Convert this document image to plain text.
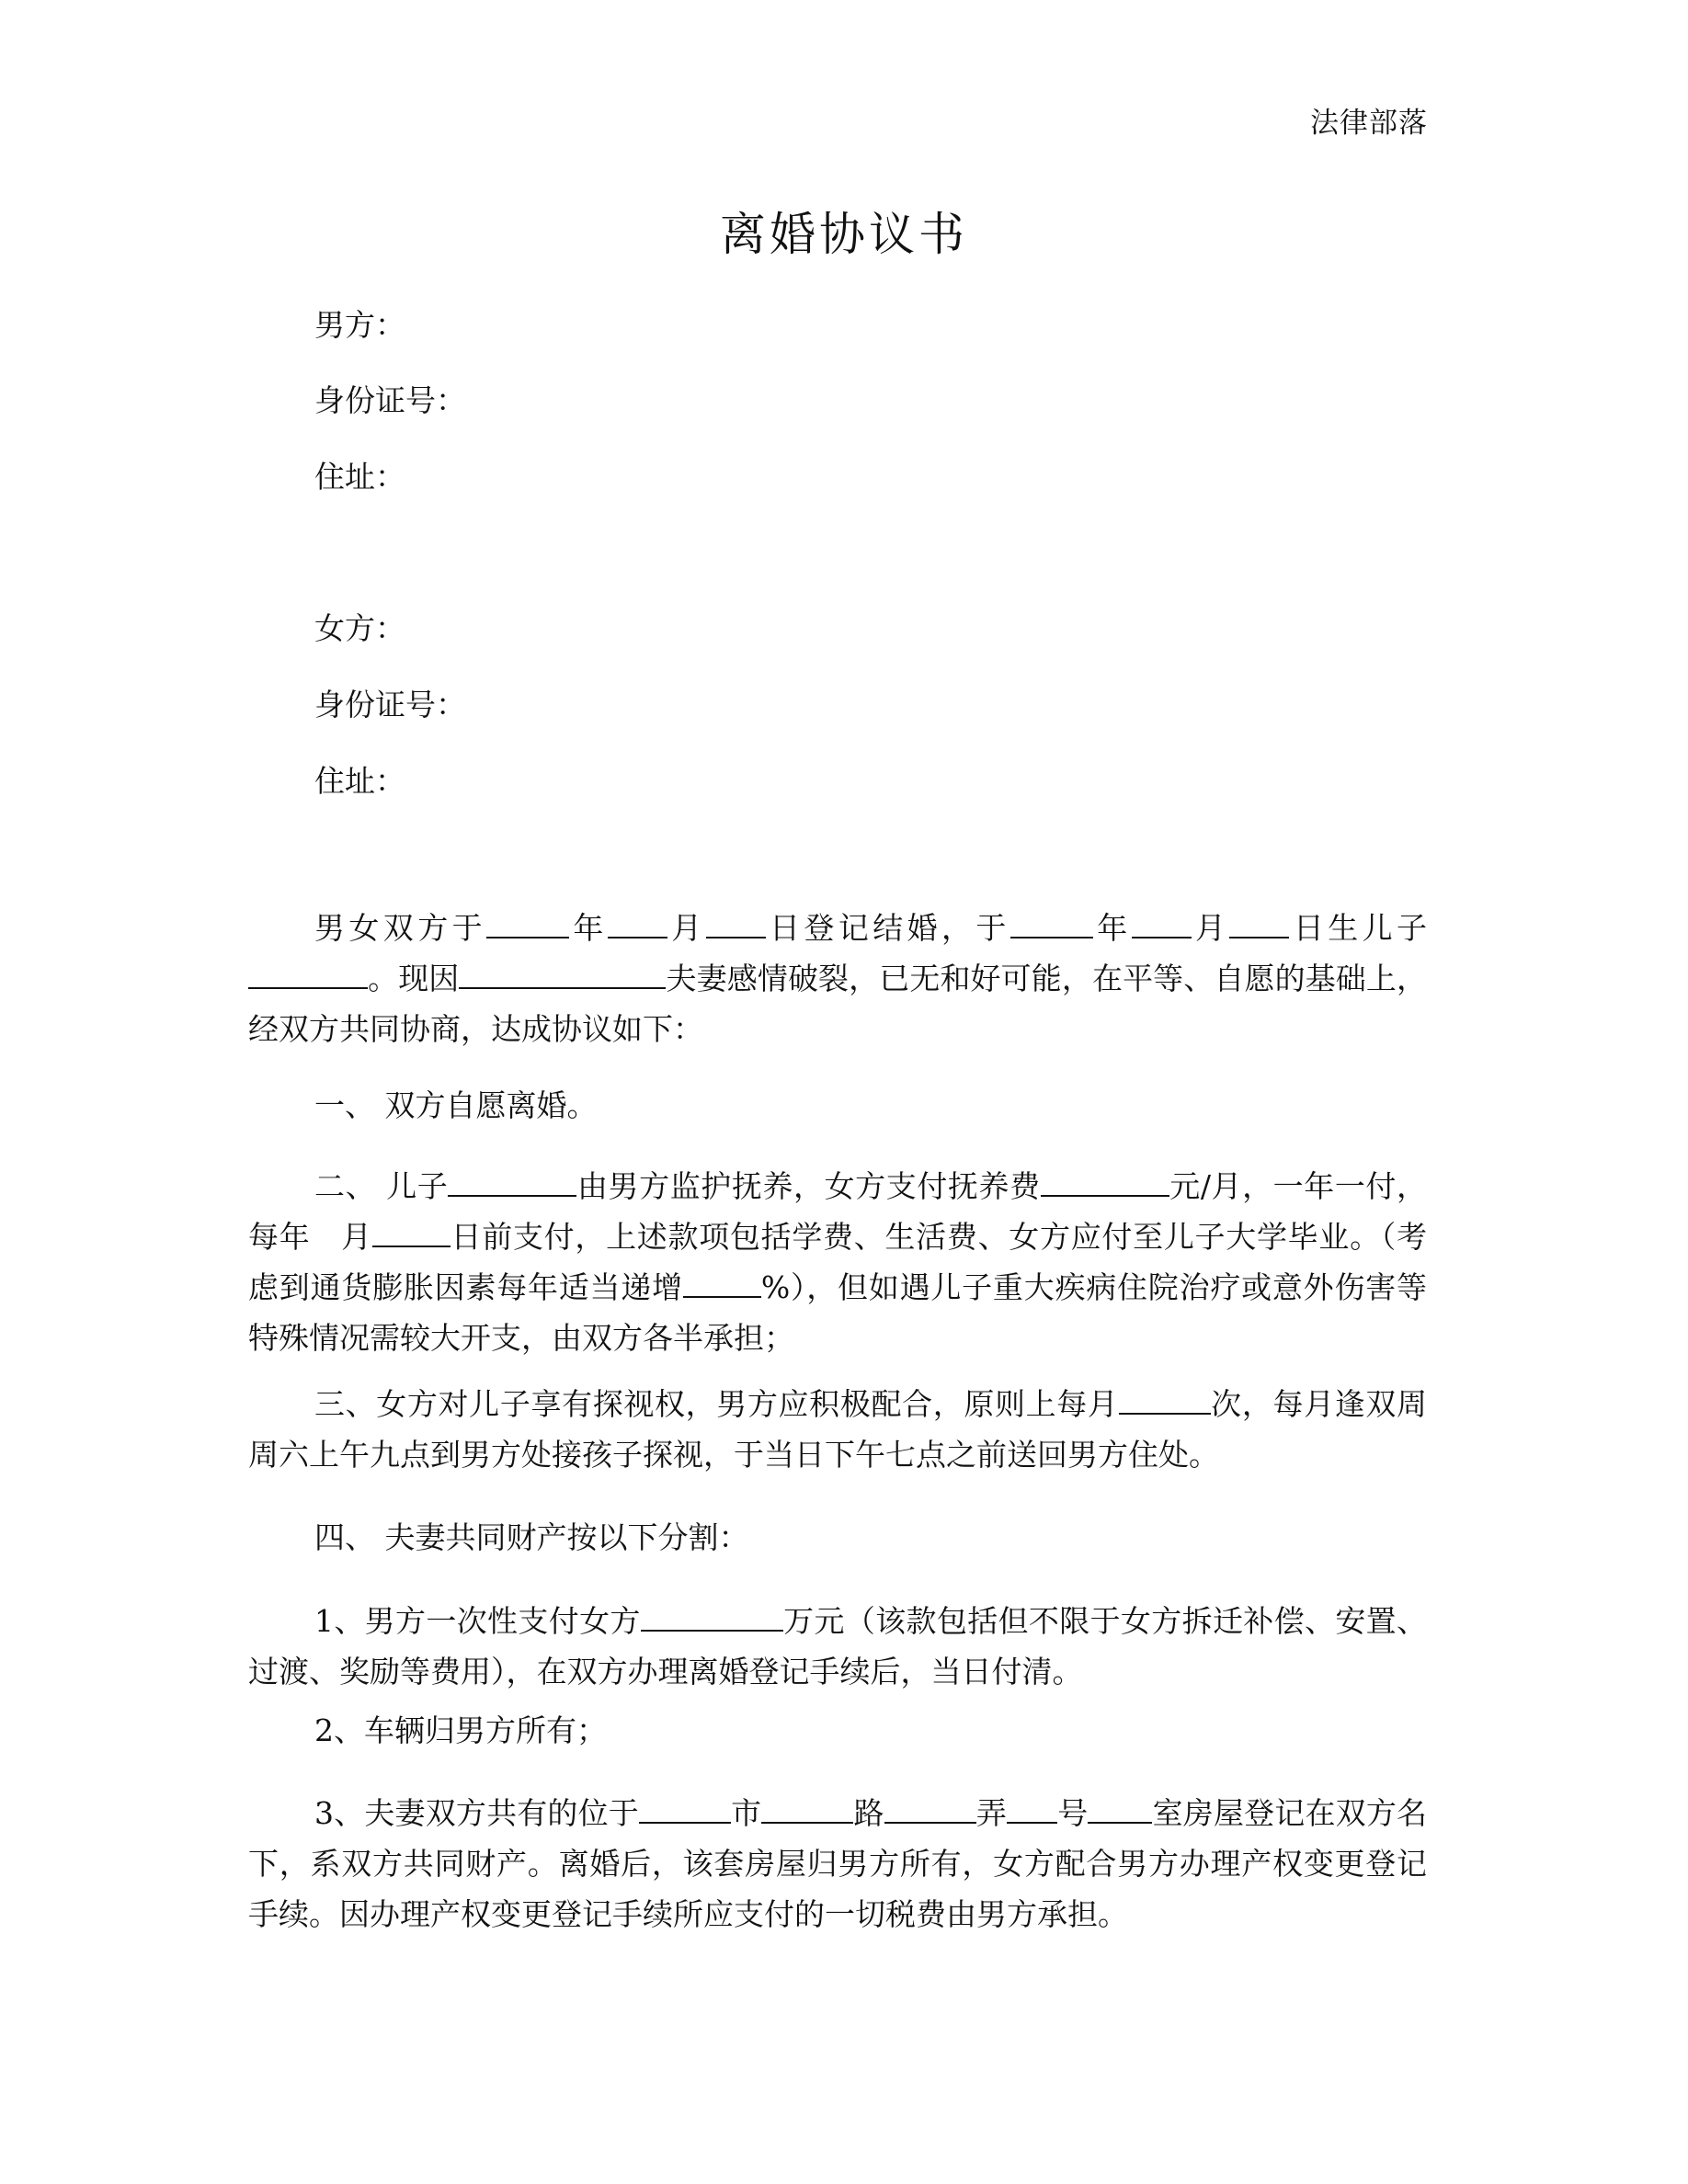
法律部落
离婚协议书
男方：
身份证号：
住址：
女方：
身份证号：
住址：
男女双方于	年 月 日登记结婚，于	年 月 日生儿子。现因	夫妻感情破裂，已无和好可能，在平等、自愿的基础上，经双方共同协商，达成协议如下：
一、 双方自愿离婚。
二、 儿子	由男方监护抚养，女方支付抚养费	元/月，一年一付，每年　月	日前支付，上述款项包括学费、生活费、女方应付至儿子大学毕业。（考虑到通货膨胀因素每年适当递增	%），但如遇儿子重大疾病住院治疗或意外伤害等特殊情况需较大开支，由双方各半承担；
三、女方对儿子享有探视权，男方应积极配合，原则上每月	次，每月逢双周周六上午九点到男方处接孩子探视，于当日下午七点之前送回男方住处。
四、 夫妻共同财产按以下分割：
1、男方一次性支付女方	万元（该款包括但不限于女方拆迁补偿、安置、过渡、奖励等费用），在双方办理离婚登记手续后，当日付清。
2、车辆归男方所有；
3、夫妻双方共有的位于	市	路	弄 号 室房屋登记在双方名下，系双方共同财产。离婚后，该套房屋归男方所有，女方配合男方办理产权变更登记手续。因办理产权变更登记手续所应支付的一切税费由男方承担。
